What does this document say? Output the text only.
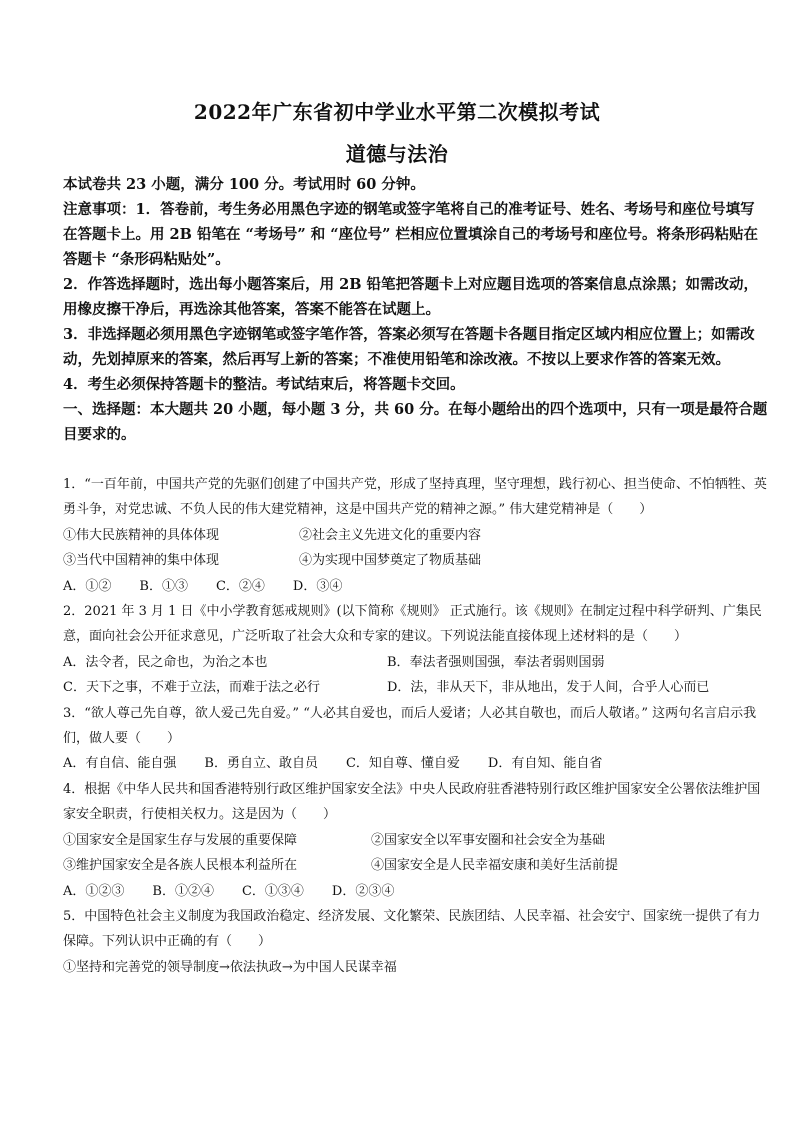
2022年广东省初中学业水平第二次模拟考试
道德与法治

本试卷共 23 小题，满分 100 分。考试用时 60 分钟。

注意事项：1．答卷前，考生务必用黑色字迹的钢笔或签字笔将自己的准考证号、姓名、考场号和座位号填写在答题卡上。用 2B 铅笔在 “考场号” 和 “座位号” 栏相应位置填涂自己的考场号和座位号。将条形码粘贴在答题卡 “条形码粘贴处”。

2．作答选择题时，选出每小题答案后，用 2B 铅笔把答题卡上对应题目选项的答案信息点涂黑；如需改动，用橡皮擦干净后，再选涂其他答案，答案不能答在试题上。

3．非选择题必须用黑色字迹钢笔或签字笔作答，答案必须写在答题卡各题目指定区域内相应位置上；如需改动，先划掉原来的答案，然后再写上新的答案；不准使用铅笔和涂改液。不按以上要求作答的答案无效。

4．考生必须保持答题卡的整洁。考试结束后，将答题卡交回。

一、选择题：本大题共 20 小题，每小题 3 分，共 60 分。在每小题给出的四个选项中，只有一项是最符合题目要求的。

1．“一百年前，中国共产党的先驱们创建了中国共产党，形成了坚持真理，坚守理想，践行初心、担当使命、不怕牺牲、英勇斗争，对党忠诚、不负人民的伟大建党精神，这是中国共产党的精神之源。” 伟大建党精神是（　　）

①伟大民族精神的具体体现	②社会主义先进文化的重要内容
③当代中国精神的集中体现	④为实现中国梦奠定了物质基础
A．①② B．①③ C．②④ D．③④

2．2021 年 3 月 1 日《中小学教育惩戒规则》(以下简称《规则》 正式施行。该《规则》在制定过程中科学研判、广集民意，面向社会公开征求意见，广泛听取了社会大众和专家的建议。下列说法能直接体现上述材料的是（　　）

A．法令者，民之命也，为治之本也	B．奉法者强则国强，奉法者弱则国弱
C．天下之事，不难于立法，而难于法之必行	D．法，非从天下，非从地出，发于人间，合乎人心而已

3．“欲人尊己先自尊，欲人爱己先自爱。” “人必其自爱也，而后人爱诸；人必其自敬也，而后人敬诸。” 这两句名言启示我们，做人要（　　）

A．有自信、能自强 B．勇自立、敢自员 C．知自尊、懂自爱 D．有自知、能自省

4．根据《中华人民共和国香港特别行政区维护国家安全法》中央人民政府驻香港特别行政区维护国家安全公署依法维护国家安全职责，行使相关权力。这是因为（　　）

①国家安全是国家生存与发展的重要保障	②国家安全以军事安圈和社会安全为基础
③维护国家安全是各族人民根本利益所在	④国家安全是人民幸福安康和美好生活前提
A．①②③ B．①②④ C．①③④ D．②③④

5．中国特色社会主义制度为我国政治稳定、经济发展、文化繁荣、民族团结、人民幸福、社会安宁、国家统一提供了有力保障。下列认识中正确的有（　　）

①坚持和完善党的领导制度→依法执政→为中国人民谋幸福
